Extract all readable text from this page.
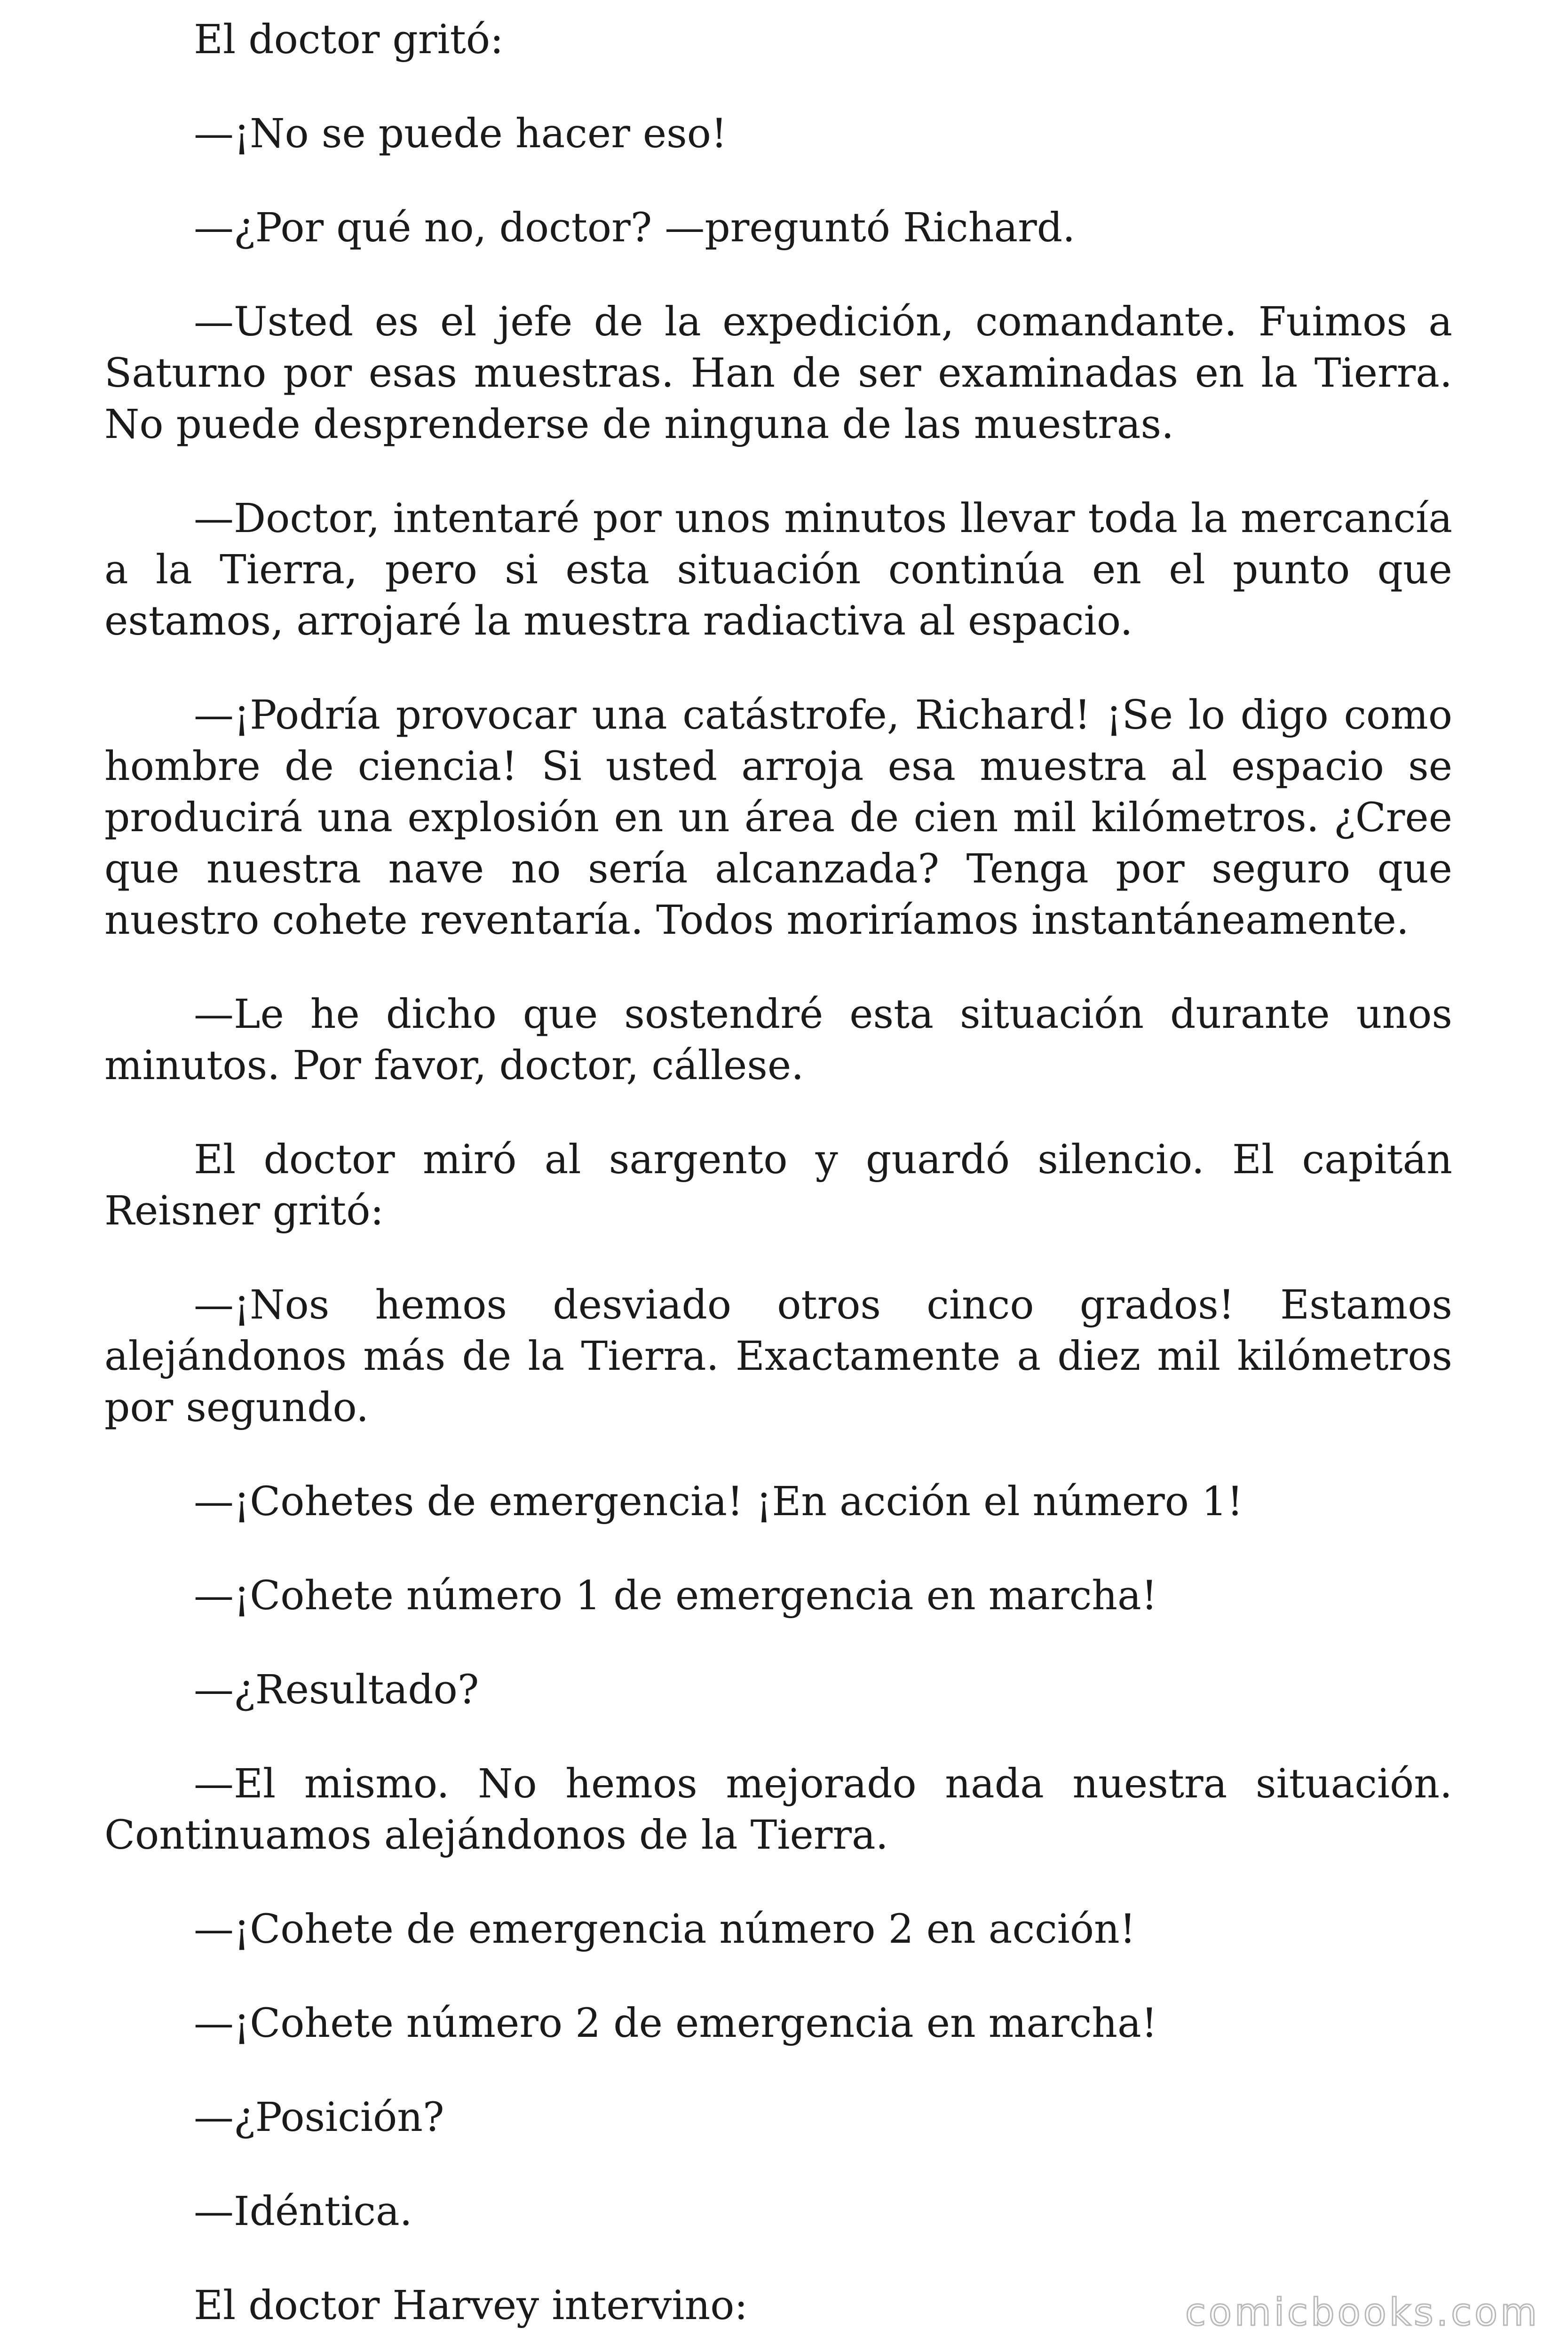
El doctor gritó:

—¡No se puede hacer eso!

—¿Por qué no, doctor? —preguntó Richard.

—Usted es el jefe de la expedición, comandante. Fuimos a Saturno por esas muestras. Han de ser examinadas en la Tierra. No puede desprenderse de ninguna de las muestras.

—Doctor, intentaré por unos minutos llevar toda la mercancía a la Tierra, pero si esta situación continúa en el punto que estamos, arrojaré la muestra radiactiva al espacio.

—¡Podría provocar una catástrofe, Richard! ¡Se lo digo como hombre de ciencia! Si usted arroja esa muestra al espacio se producirá una explosión en un área de cien mil kilómetros. ¿Cree que nuestra nave no sería alcanzada? Tenga por seguro que nuestro cohete reventaría. Todos moriríamos instantáneamente.

—Le he dicho que sostendré esta situación durante unos minutos. Por favor, doctor, cállese.

El doctor miró al sargento y guardó silencio. El capitán Reisner gritó:

—¡Nos hemos desviado otros cinco grados! Estamos alejándonos más de la Tierra. Exactamente a diez mil kilómetros por segundo.

—¡Cohetes de emergencia! ¡En acción el número 1!

—¡Cohete número 1 de emergencia en marcha!

—¿Resultado?

—El mismo. No hemos mejorado nada nuestra situación. Continuamos alejándonos de la Tierra.

—¡Cohete de emergencia número 2 en acción!

—¡Cohete número 2 de emergencia en marcha!

—¿Posición?

—Idéntica.

El doctor Harvey intervino:	comicbooks.com
